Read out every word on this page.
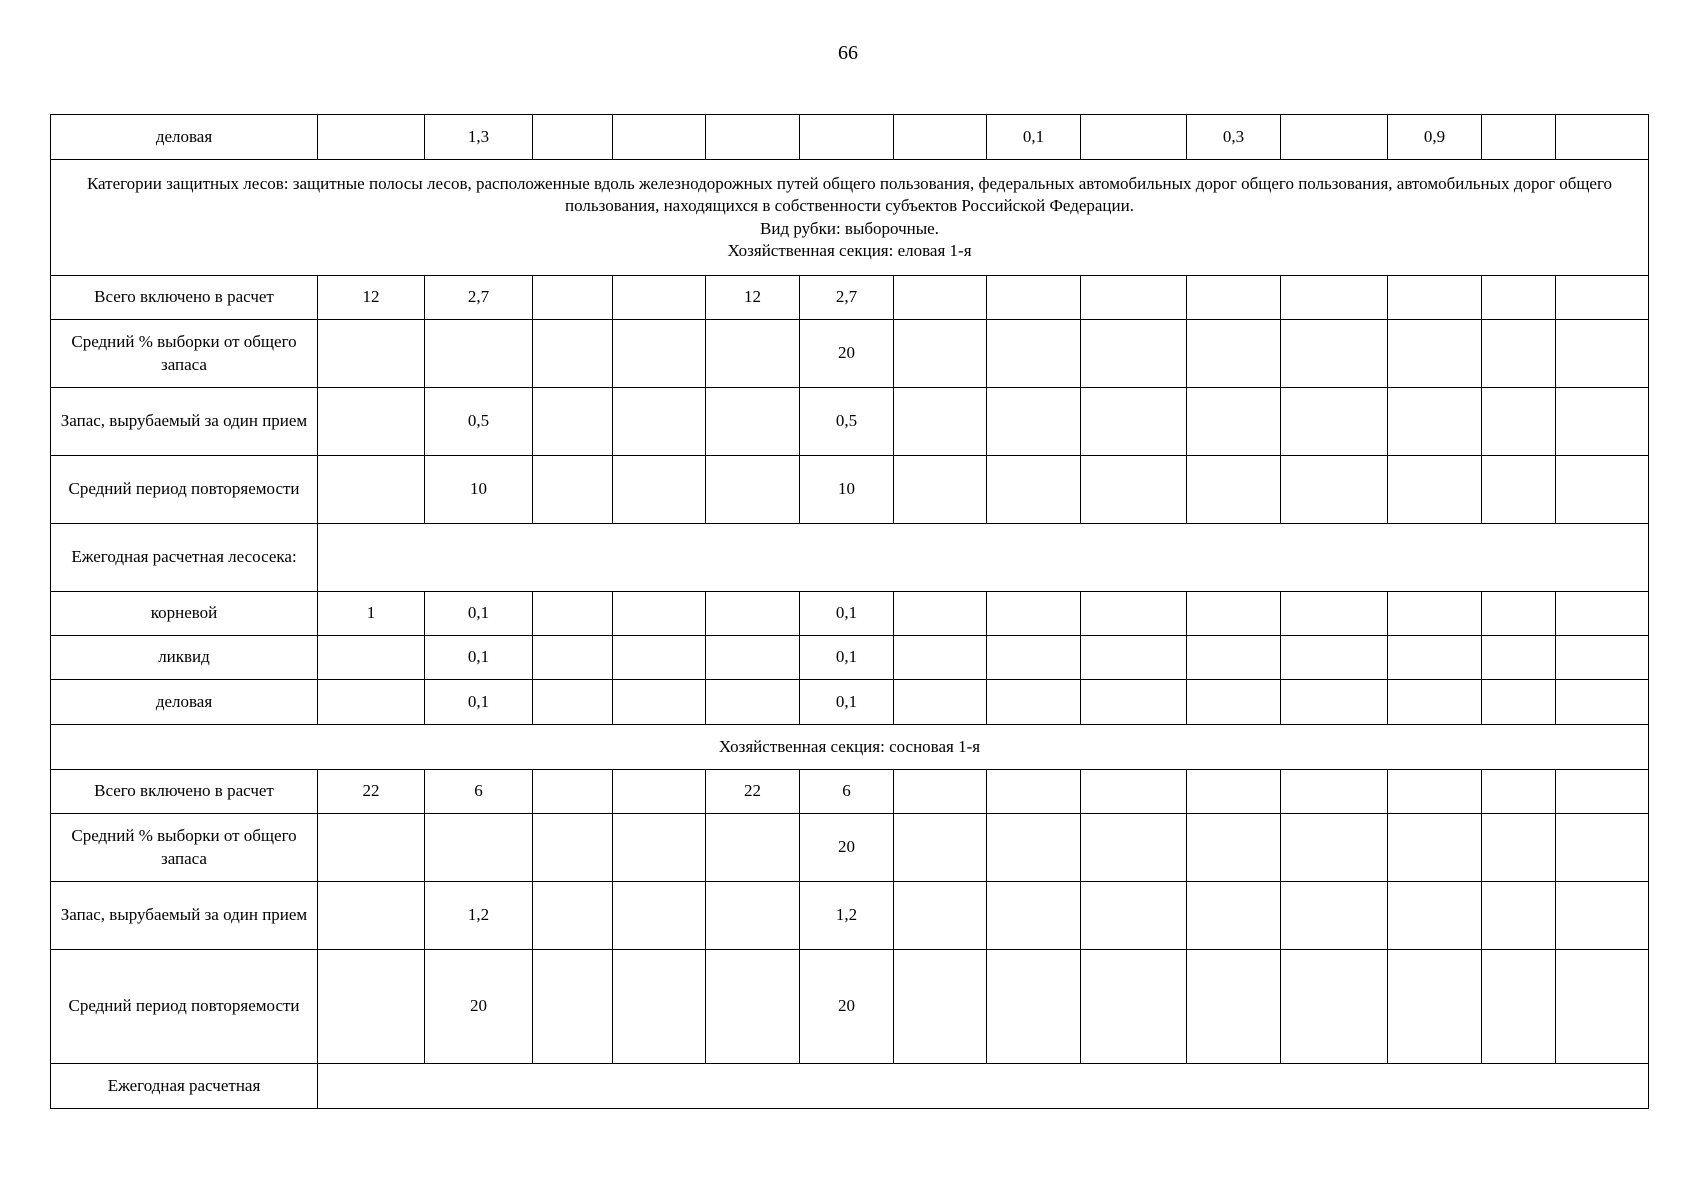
66
деловая		1,3						0,1		0,3		0,9		

Категории защитных лесов: защитные полосы лесов, расположенные вдоль железнодорожных путей общего пользования, федеральных автомобильных дорог общего пользования, автомобильных дорог общего пользования, находящихся в собственности субъектов Российской Федерации.
Вид рубки: выборочные.
Хозяйственная секция: еловая 1-я														

Всего включено в расчет	12	2,7			12	2,7								
Средний % выборки от общего запаса						20								
Запас, вырубаемый за один прием		0,5				0,5								
Средний период повторяемости		10				10								
Ежегодная расчетная лесосека:														
корневой	1	0,1				0,1								
ликвид		0,1				0,1								
деловая		0,1				0,1								

Хозяйственная секция: сосновая 1-я														

Всего включено в расчет	22	6			22	6								
Средний % выборки от общего запаса						20								
Запас, вырубаемый за один прием		1,2				1,2								
Средний период повторяемости		20				20								
Ежегодная расчетная														
